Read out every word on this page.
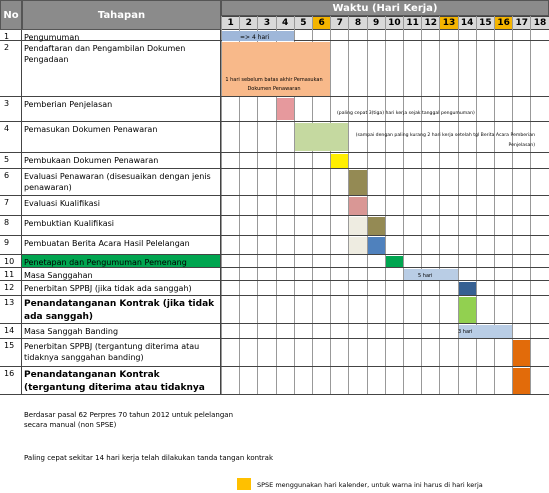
No	Tahapan
Waktu (Hari Kerja)
1	2	3	4	5	6	7	8	9 10 11 12 13 14 15 16 17 18
1	Pengumuman
2	Pendaftaran dan Pengambilan Dokumen Pengadaan
3	Pemberian Penjelasan
4	Pemasukan Dokumen Penawaran
5	Pembukaan Dokumen Penawaran
6	Evaluasi Penawaran (disesuaikan dengan jenis penawaran)
7	Evaluasi Kualifikasi
8	Pembuktian Kualifikasi
9	Pembuatan Berita Acara Hasil Pelelangan
10	Penetapan dan Pengumuman Pemenang
11	Masa Sanggahan
12	Penerbitan SPPBJ (jika tidak ada sanggah)
13	Penandatanganan Kontrak (jika tidak ada sanggah)
14	Masa Sanggah Banding
15	Penerbitan SPPBJ (tergantung diterima atau tidaknya sanggahan banding)
16	Penandatanganan Kontrak (tergantung diterima atau tidaknya
=> 4 hari
1 hari sebelum batas akhir Pemasukan Dokumen Penawaran
(paling cepat 3(tiga) hari kerja sejak tanggal pengumuman)
(sampai dengan paling kurang 2 hari kerja setelah tgl Berita Acara Pemberian Penjelasan)
5 hari
3 hari
Berdasar pasal 62 Perpres 70 tahun 2012 untuk pelelangan secara manual (non SPSE)
Paling cepat sekitar 14 hari kerja telah dilakukan tanda tangan kontrak
SPSE menggunakan hari kalender, untuk warna ini harus di hari kerja
